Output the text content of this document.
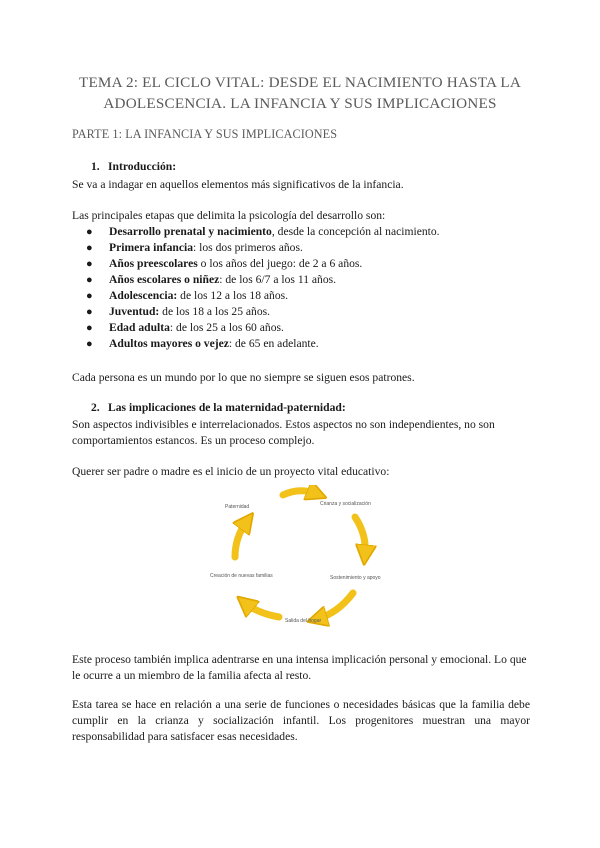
TEMA 2: EL CICLO VITAL: DESDE EL NACIMIENTO HASTA LA ADOLESCENCIA. LA INFANCIA Y SUS IMPLICACIONES
PARTE 1: LA INFANCIA Y SUS IMPLICACIONES
1. Introducción:
Se va a indagar en aquellos elementos más significativos de la infancia.
Las principales etapas que delimita la psicología del desarrollo son:
● Desarrollo prenatal y nacimiento, desde la concepción al nacimiento.
● Primera infancia: los dos primeros años.
● Años preescolares o los años del juego: de 2 a 6 años.
● Años escolares o niñez: de los 6/7 a los 11 años.
● Adolescencia: de los 12 a los 18 años.
● Juventud: de los 18 a los 25 años.
● Edad adulta: de los 25 a los 60 años.
● Adultos mayores o vejez: de 65 en adelante.
Cada persona es un mundo por lo que no siempre se siguen esos patrones.
2. Las implicaciones de la maternidad-paternidad:
Son aspectos indivisibles e interrelacionados. Estos aspectos no son independientes, no son comportamientos estancos. Es un proceso complejo.
Querer ser padre o madre es el inicio de un proyecto vital educativo:
Paternidad	Crianza y socialización
Sostenimiento y apoyo
Salida del hogar
Creación de nuevas familias
Este proceso también implica adentrarse en una intensa implicación personal y emocional. Lo que le ocurre a un miembro de la familia afecta al resto.
Esta tarea se hace en relación a una serie de funciones o necesidades básicas que la familia debe cumplir en la crianza y socialización infantil. Los progenitores muestran una mayor responsabilidad para satisfacer esas necesidades.
